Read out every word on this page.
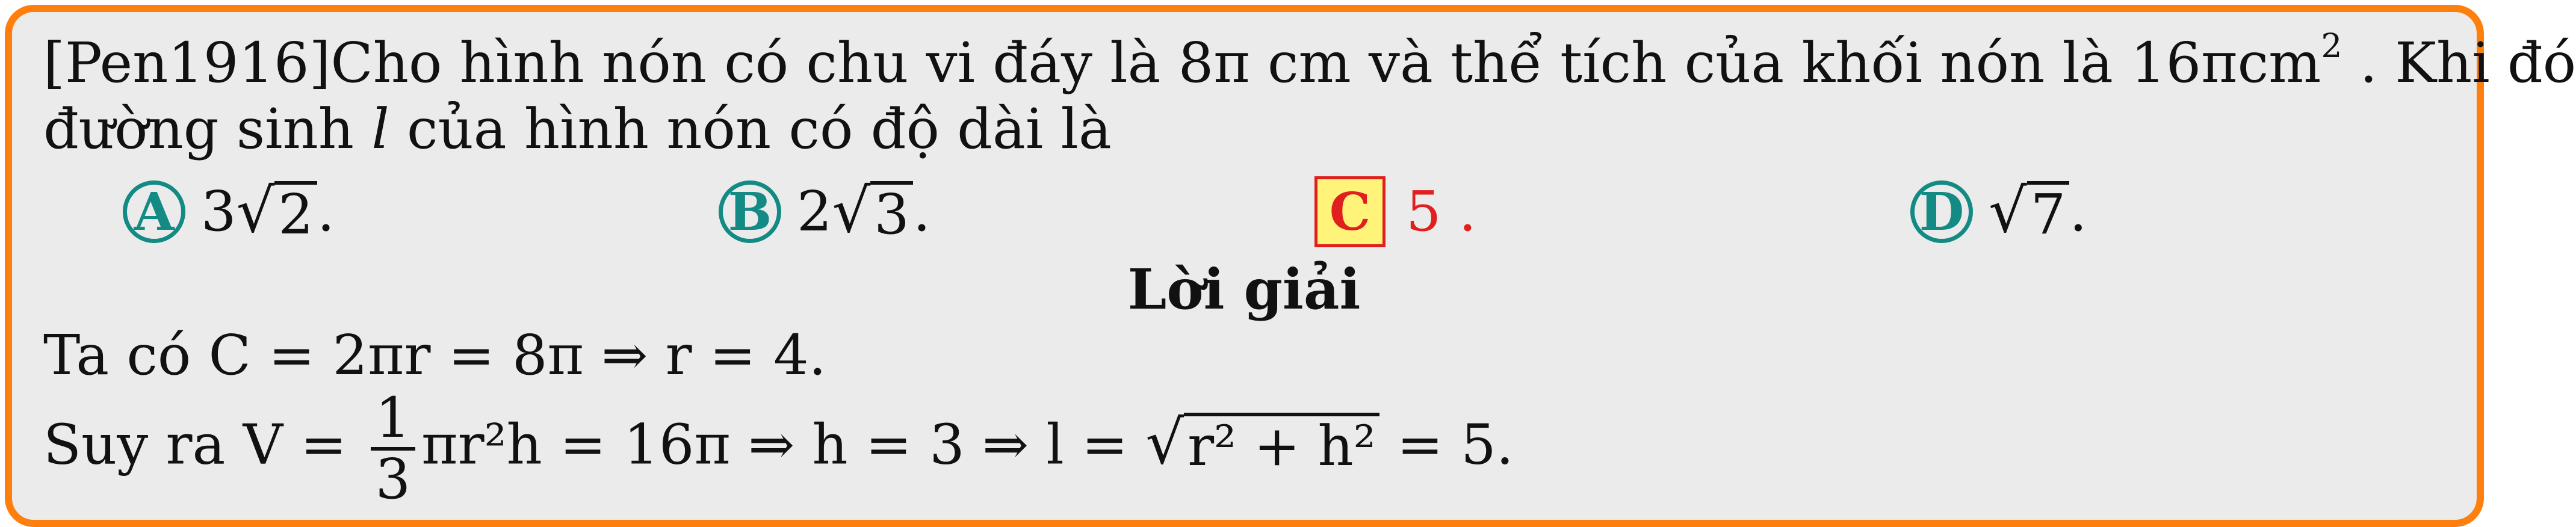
[Pen1916]Cho hình nón có chu vi đáy là 8π cm và thể tích của khối nón là 16πcm$^2$ . Khi đó
đường sinh l của hình nón có độ dài là
A 3 √ 2 .	B 2 √ 3 .	C 5 .	D √ 7 .
Lời giải
Ta có C = 2πr = 8π ⇒ r = 4.
Suy ra $V = \frac{1}{3} \pi r^2h = 16\pi$ ⇒ h = 3 ⇒ l = √ r² + h² = 5.
